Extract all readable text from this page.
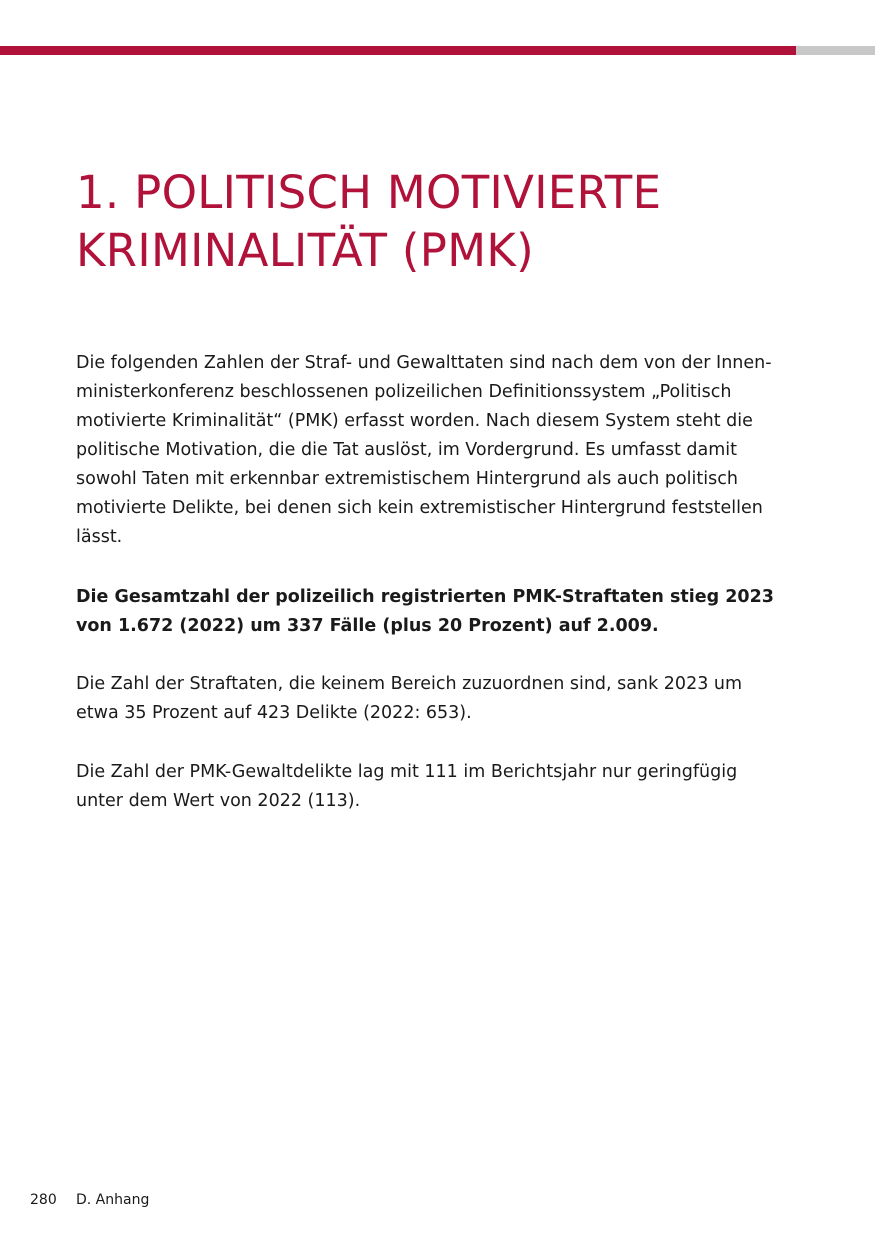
1. POLITISCH MOTIVIERTE
KRIMINALITÄT (PMK)
Die folgenden Zahlen der Straf- und Gewalttaten sind nach dem von der Innen-
ministerkonferenz beschlossenen polizeilichen Definitionssystem „Politisch
motivierte Kriminalität“ (PMK) erfasst worden. Nach diesem System steht die
politische Motivation, die die Tat auslöst, im Vordergrund. Es umfasst damit
sowohl Taten mit erkennbar extremistischem Hintergrund als auch politisch
motivierte Delikte, bei denen sich kein extremistischer Hintergrund feststellen
lässt.
Die Gesamtzahl der polizeilich registrierten PMK-Straftaten stieg 2023
von 1.672 (2022) um 337 Fälle (plus 20 Prozent) auf 2.009.
Die Zahl der Straftaten, die keinem Bereich zuzuordnen sind, sank 2023 um
etwa 35 Prozent auf 423 Delikte (2022: 653).
Die Zahl der PMK-Gewaltdelikte lag mit 111 im Berichtsjahr nur geringfügig
unter dem Wert von 2022 (113).
280 D. Anhang
